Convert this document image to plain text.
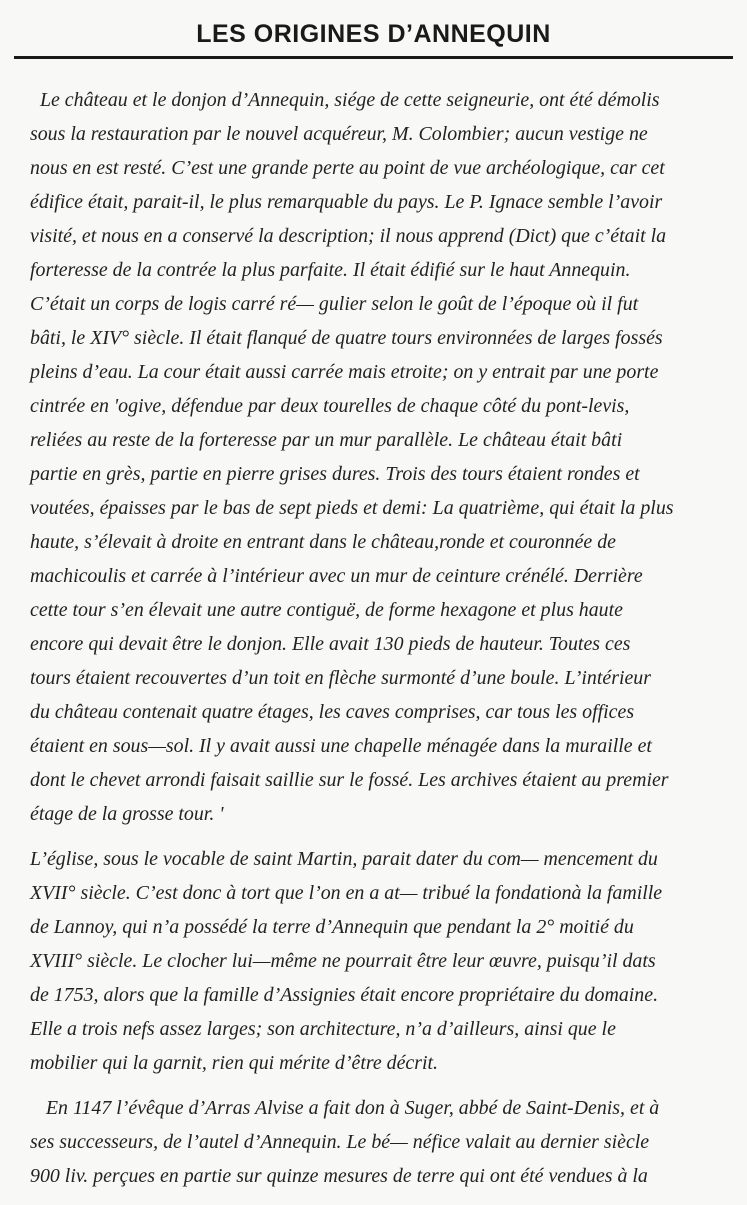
LES ORIGINES D’ANNEQUIN
Le château et le donjon d’Annequin, siége de cette seigneurie, ont été démolis
sous la restauration par le nouvel acquéreur, M. Colombier; aucun vestige ne
nous en est resté. C’est une grande perte au point de vue archéologique, car cet
édifice était, parait-il, le plus remarquable du pays. Le P. Ignace semble l’avoir
visité, et nous en a conservé la description; il nous apprend (Dict) que c’était la
forteresse de la contrée la plus parfaite. Il était édifié sur le haut Annequin.
C’était un corps de logis carré ré— gulier selon le goût de l’époque où il fut
bâti, le XIV° siècle. Il était flanqué de quatre tours environnées de larges fossés
pleins d’eau. La cour était aussi carrée mais etroite; on y entrait par une porte
cintrée en 'ogive, défendue par deux tourelles de chaque côté du pont-levis,
reliées au reste de la forteresse par un mur parallèle. Le château était bâti
partie en grès, partie en pierre grises dures. Trois des tours étaient rondes et
voutées, épaisses par le bas de sept pieds et demi: La quatrième, qui était la plus
haute, s’élevait à droite en entrant dans le château,ronde et couronnée de
machicoulis et carrée à l’intérieur avec un mur de ceinture crénélé. Derrière
cette tour s’en élevait une autre contiguë, de forme hexagone et plus haute
encore qui devait être le donjon. Elle avait 130 pieds de hauteur. Toutes ces
tours étaient recouvertes d’un toit en flèche surmonté d’une boule. L’intérieur
du château contenait quatre étages, les caves comprises, car tous les offices
étaient en sous—sol. Il y avait aussi une chapelle ménagée dans la muraille et
dont le chevet arrondi faisait saillie sur le fossé. Les archives étaient au premier
étage de la grosse tour. '
L’église, sous le vocable de saint Martin, parait dater du com— mencement du
XVII° siècle. C’est donc à tort que l’on en a at— tribué la fondationà la famille
de Lannoy, qui n’a possédé la terre d’Annequin que pendant la 2° moitié du
XVIII° siècle. Le clocher lui—même ne pourrait être leur œuvre, puisqu’il dats
de 1753, alors que la famille d’Assignies était encore propriétaire du domaine.
Elle a trois nefs assez larges; son architecture, n’a d’ailleurs, ainsi que le
mobilier qui la garnit, rien qui mérite d’être décrit.
En 1147 l’évêque d’Arras Alvise a fait don à Suger, abbé de Saint-Denis, et à
ses successeurs, de l’autel d’Annequin. Le bé— néfice valait au dernier siècle
900 liv. perçues en partie sur quinze mesures de terre qui ont été vendues à la
